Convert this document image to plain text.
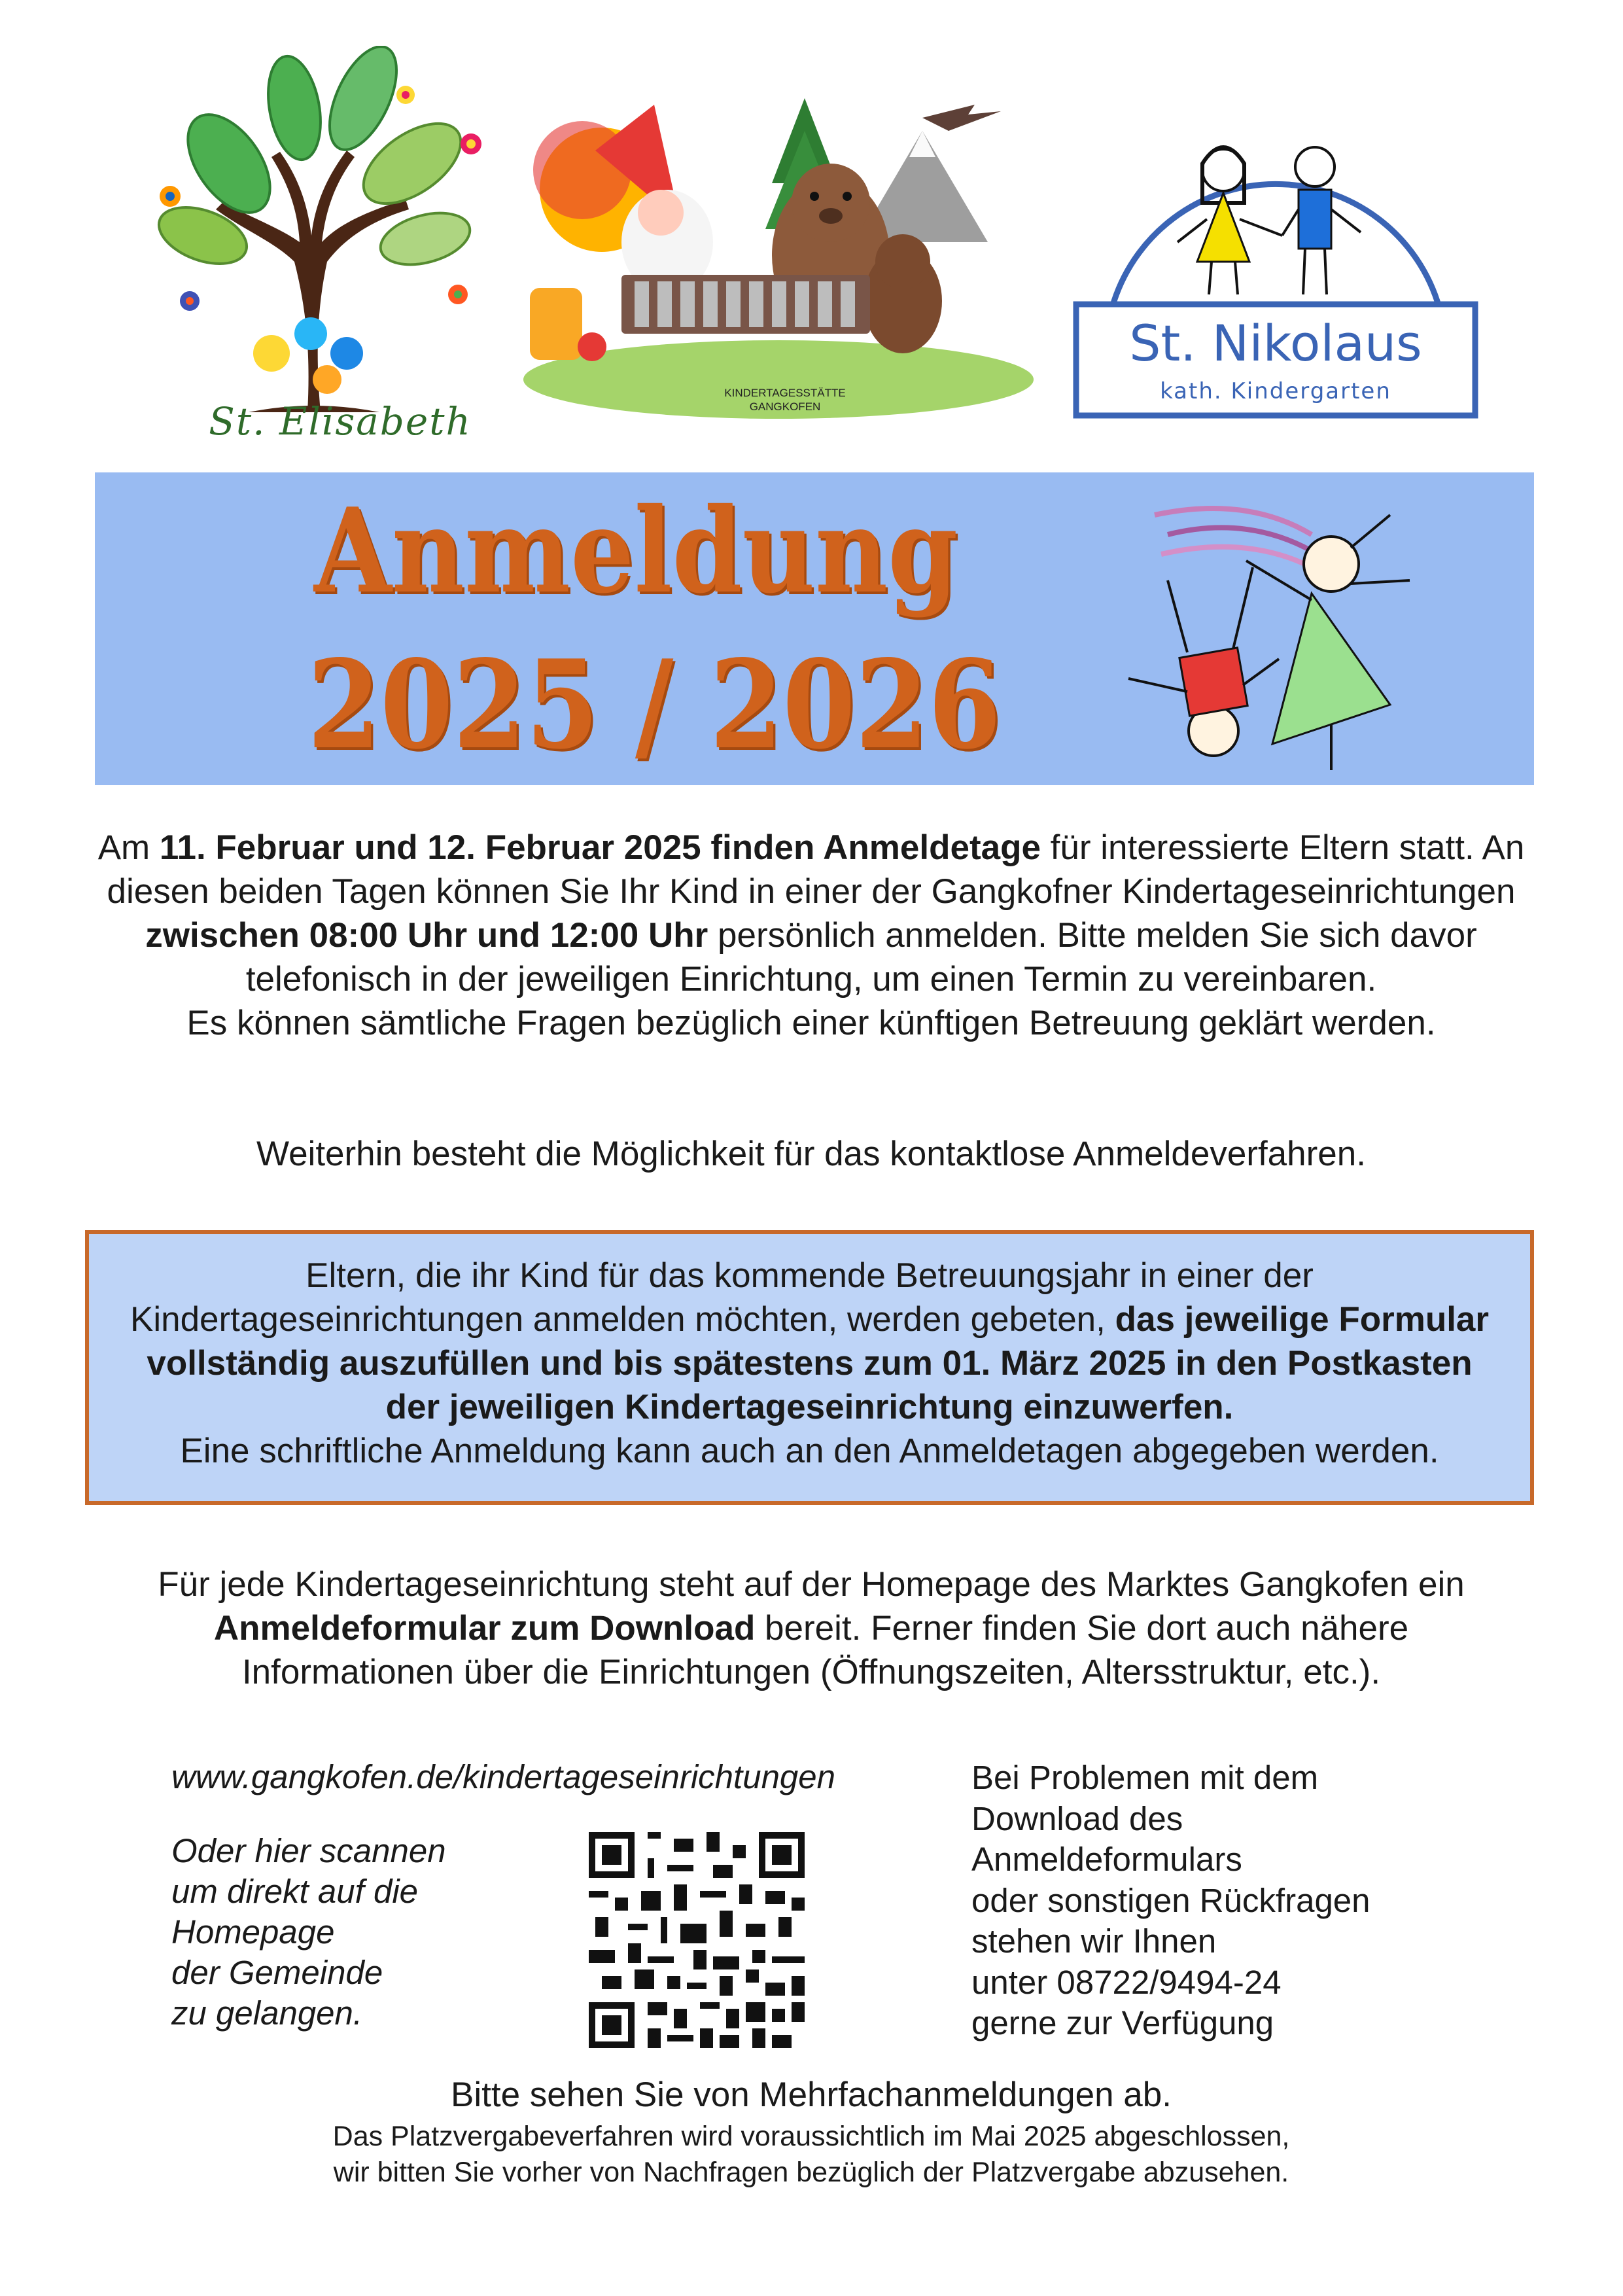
St. Elisabeth
KINDERTAGESSTÄTTE
GANGKOFEN
St. Nikolaus
kath. Kindergarten
Anmeldung
2025 / 2026
Am 11. Februar und 12. Februar 2025 finden Anmeldetage für interessierte Eltern statt. An diesen beiden Tagen können Sie Ihr Kind in einer der Gangkofner Kindertageseinrichtungen zwischen 08:00 Uhr und 12:00 Uhr persönlich anmelden. Bitte melden Sie sich davor telefonisch in der jeweiligen Einrichtung, um einen Termin zu vereinbaren.
Es können sämtliche Fragen bezüglich einer künftigen Betreuung geklärt werden.
Weiterhin besteht die Möglichkeit für das kontaktlose Anmeldeverfahren.
Eltern, die ihr Kind für das kommende Betreuungsjahr in einer der Kindertageseinrichtungen anmelden möchten, werden gebeten, das jeweilige Formular vollständig auszufüllen und bis spätestens zum 01. März 2025 in den Postkasten der jeweiligen Kindertageseinrichtung einzuwerfen.
Eine schriftliche Anmeldung kann auch an den Anmeldetagen abgegeben werden.
Für jede Kindertageseinrichtung steht auf der Homepage des Marktes Gangkofen ein Anmeldeformular zum Download bereit. Ferner finden Sie dort auch nähere Informationen über die Einrichtungen (Öffnungszeiten, Altersstruktur, etc.).
www.gangkofen.de/kindertageseinrichtungen
Oder hier scannen
um direkt auf die
Homepage
der Gemeinde
zu gelangen.
Bei Problemen mit dem
Download des
Anmeldeformulars
oder sonstigen Rückfragen
stehen wir Ihnen
unter 08722/9494-24
gerne zur Verfügung
Bitte sehen Sie von Mehrfachanmeldungen ab.
Das Platzvergabeverfahren wird voraussichtlich im Mai 2025 abgeschlossen,
wir bitten Sie vorher von Nachfragen bezüglich der Platzvergabe abzusehen.
